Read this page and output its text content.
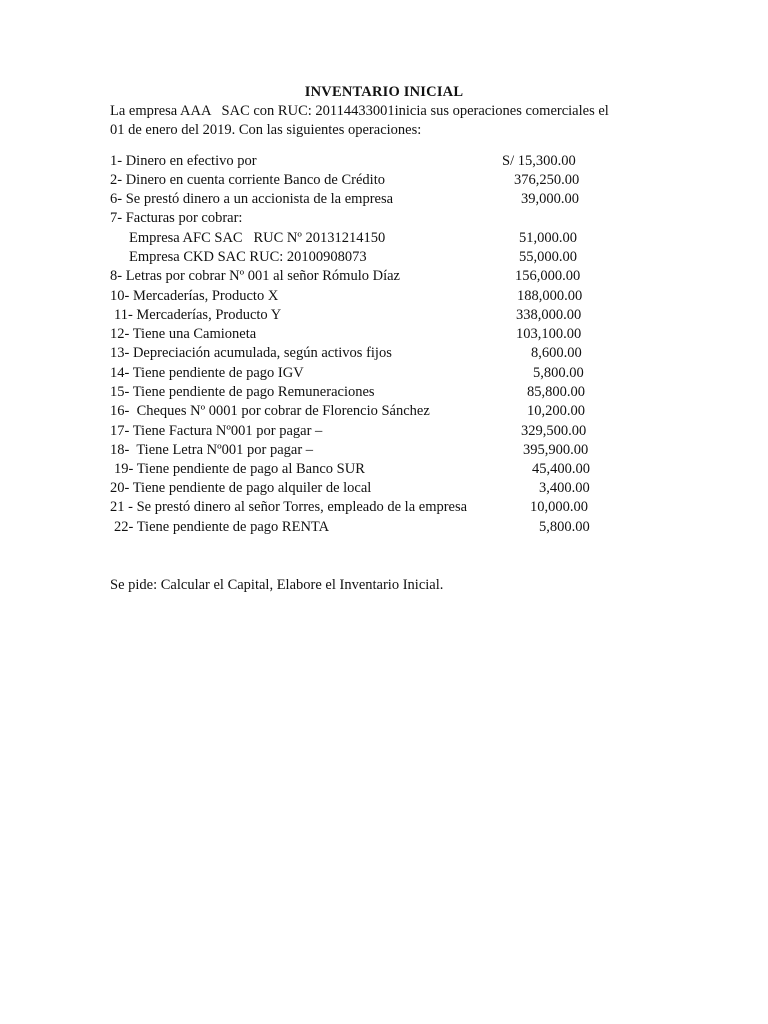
INVENTARIO INICIAL
La empresa AAA   SAC con RUC: 20114433001inicia sus operaciones comerciales el
01 de enero del 2019. Con las siguientes operaciones:
1- Dinero en efectivo por	S/ 15,300.00
2- Dinero en cuenta corriente Banco de Crédito	376,250.00
6- Se prestó dinero a un accionista de la empresa	39,000.00
7- Facturas por cobrar:
Empresa AFC SAC   RUC Nº 20131214150	51,000.00
Empresa CKD SAC RUC: 20100908073	55,000.00
8- Letras por cobrar Nº 001 al señor Rómulo Díaz	156,000.00
10- Mercaderías, Producto X	188,000.00
11- Mercaderías, Producto Y	338,000.00
12- Tiene una Camioneta	103,100.00
13- Depreciación acumulada, según activos fijos	8,600.00
14- Tiene pendiente de pago IGV	5,800.00
15- Tiene pendiente de pago Remuneraciones	85,800.00
16-  Cheques Nº 0001 por cobrar de Florencio Sánchez	10,200.00
17- Tiene Factura Nº001 por pagar –	329,500.00
18-  Tiene Letra Nº001 por pagar –	395,900.00
19- Tiene pendiente de pago al Banco SUR	45,400.00
20- Tiene pendiente de pago alquiler de local	3,400.00
21 - Se prestó dinero al señor Torres, empleado de la empresa	10,000.00
22- Tiene pendiente de pago RENTA	5,800.00
Se pide: Calcular el Capital, Elabore el Inventario Inicial.
